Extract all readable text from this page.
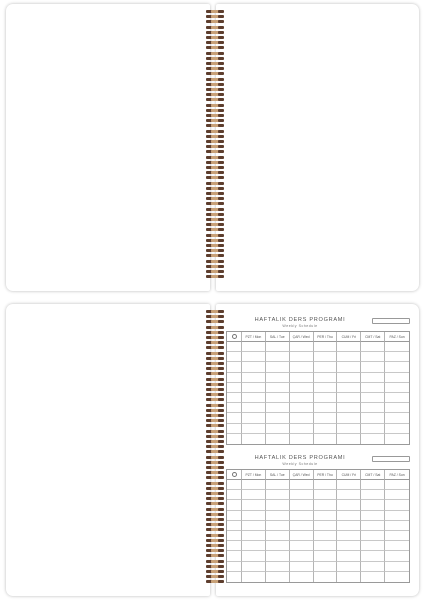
HAFTALIK DERS PROGRAMI
Weekly Schedule
PZT / Mon	SAL / Tue	ÇAR / Wed	PER / Thu	CUM / Fri	CMT / Sat	PAZ / Sun
HAFTALIK DERS PROGRAMI
Weekly Schedule
PZT / Mon	SAL / Tue	ÇAR / Wed	PER / Thu	CUM / Fri	CMT / Sat	PAZ / Sun
